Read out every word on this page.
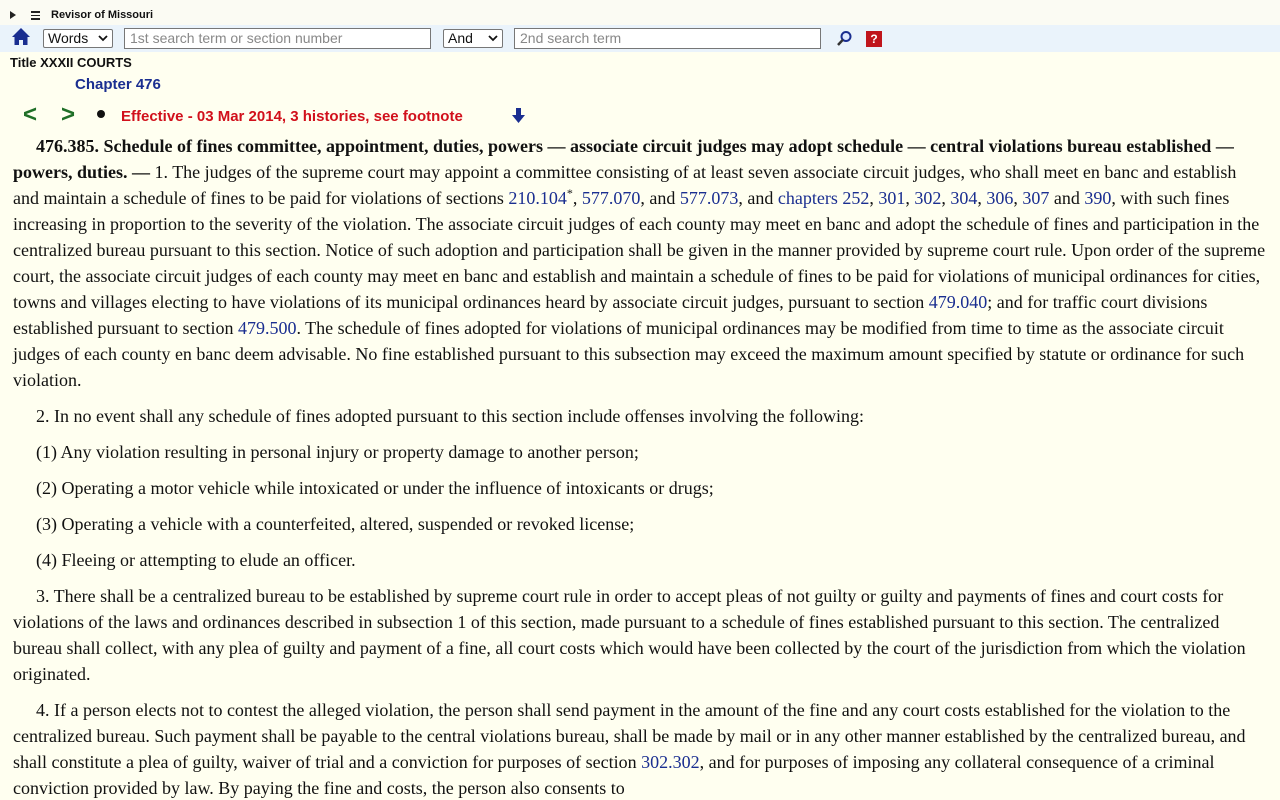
Revisor of Missouri
Words	1st search term or section number	And	2nd search term	?
Title XXXII COURTS
Chapter 476
< >	Effective - 03 Mar 2014, 3 histories, see footnote

476.385. Schedule of fines committee, appointment, duties, powers — associate circuit judges may adopt schedule — central violations bureau established — powers, duties. — 1. The judges of the supreme court may appoint a committee consisting of at least seven associate circuit judges, who shall meet en banc and establish and maintain a schedule of fines to be paid for violations of sections 210.104*, 577.070, and 577.073, and chapters 252, 301, 302, 304, 306, 307 and 390, with such fines increasing in proportion to the severity of the violation. The associate circuit judges of each county may meet en banc and adopt the schedule of fines and participation in the centralized bureau pursuant to this section. Notice of such adoption and participation shall be given in the manner provided by supreme court rule. Upon order of the supreme court, the associate circuit judges of each county may meet en banc and establish and maintain a schedule of fines to be paid for violations of municipal ordinances for cities, towns and villages electing to have violations of its municipal ordinances heard by associate circuit judges, pursuant to section 479.040; and for traffic court divisions established pursuant to section 479.500. The schedule of fines adopted for violations of municipal ordinances may be modified from time to time as the associate circuit judges of each county en banc deem advisable. No fine established pursuant to this subsection may exceed the maximum amount specified by statute or ordinance for such violation.

2. In no event shall any schedule of fines adopted pursuant to this section include offenses involving the following:

(1) Any violation resulting in personal injury or property damage to another person;

(2) Operating a motor vehicle while intoxicated or under the influence of intoxicants or drugs;

(3) Operating a vehicle with a counterfeited, altered, suspended or revoked license;

(4) Fleeing or attempting to elude an officer.

3. There shall be a centralized bureau to be established by supreme court rule in order to accept pleas of not guilty or guilty and payments of fines and court costs for violations of the laws and ordinances described in subsection 1 of this section, made pursuant to a schedule of fines established pursuant to this section. The centralized bureau shall collect, with any plea of guilty and payment of a fine, all court costs which would have been collected by the court of the jurisdiction from which the violation originated.

4. If a person elects not to contest the alleged violation, the person shall send payment in the amount of the fine and any court costs established for the violation to the centralized bureau. Such payment shall be payable to the central violations bureau, shall be made by mail or in any other manner established by the centralized bureau, and shall constitute a plea of guilty, waiver of trial and a conviction for purposes of section 302.302, and for purposes of imposing any collateral consequence of a criminal conviction provided by law. By paying the fine and costs, the person also consents to
